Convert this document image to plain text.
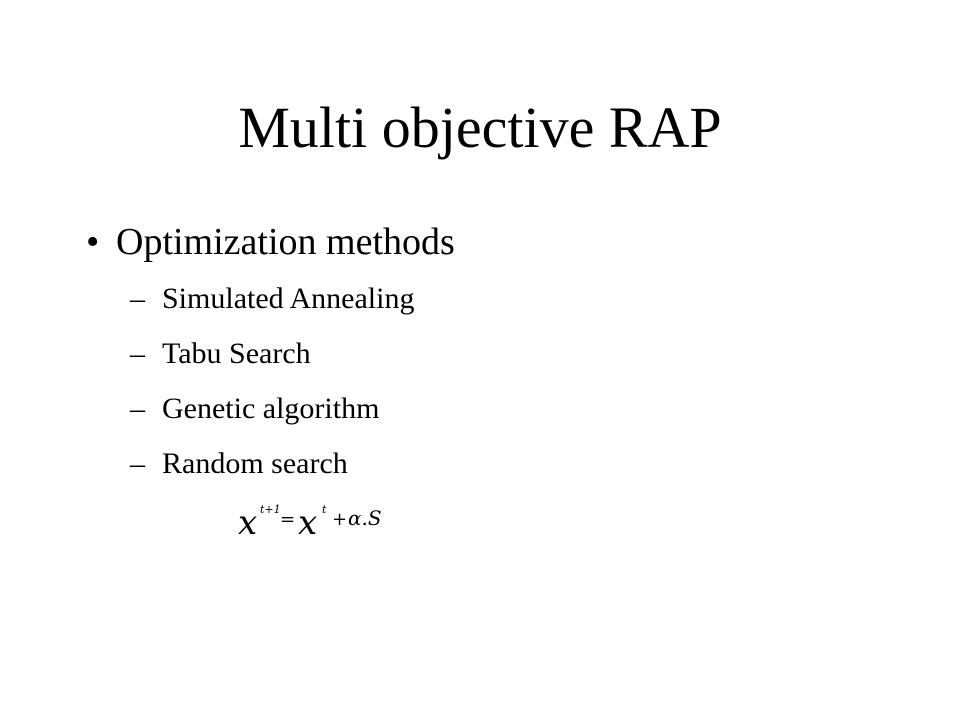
Multi objective RAP
• Optimization methods
– Simulated Annealing
– Tabu Search
– Genetic algorithm
– Random search
x t+1 = x t + α.S
